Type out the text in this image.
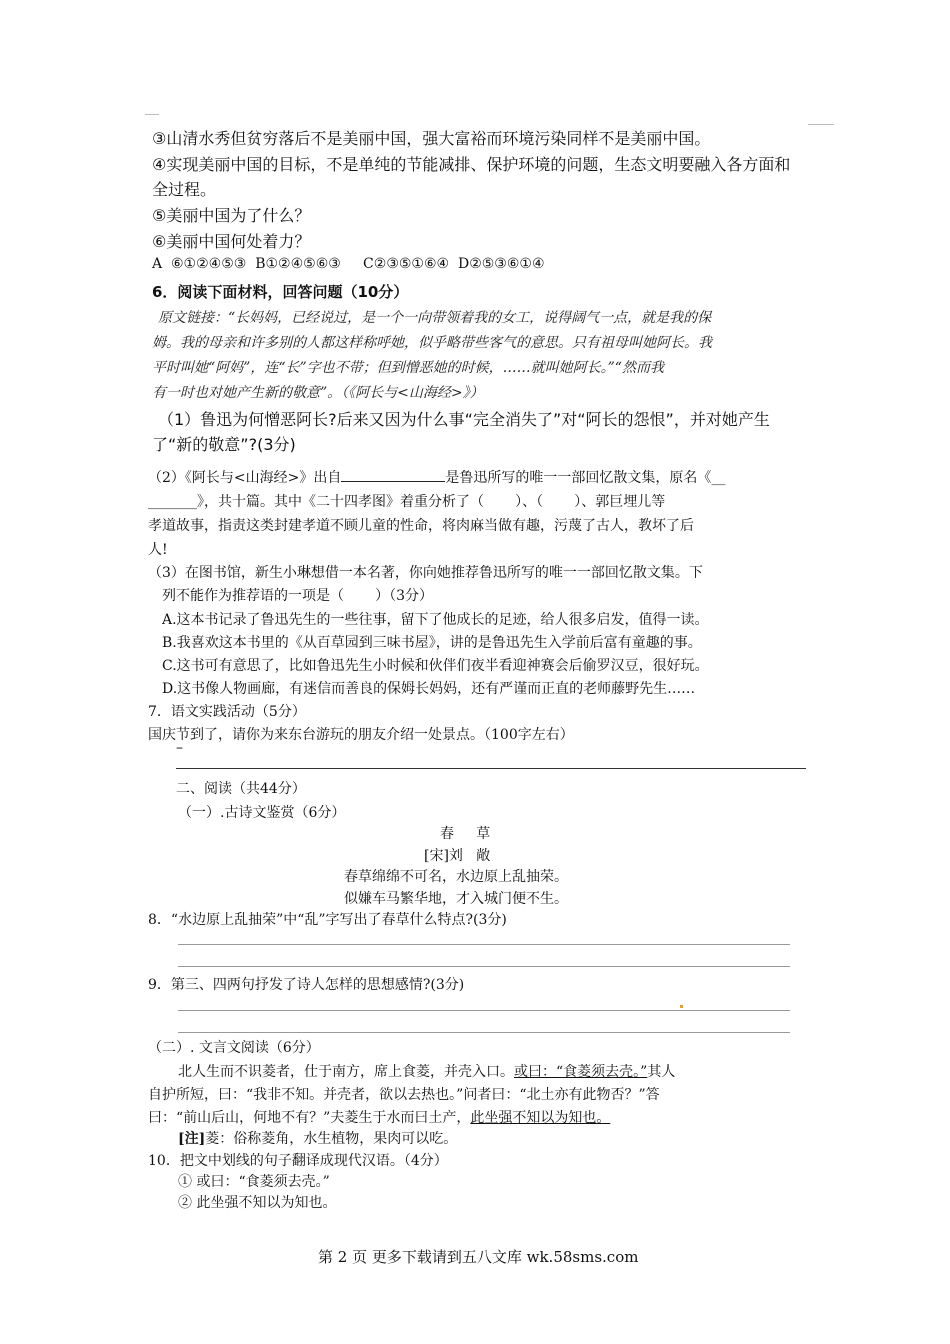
③山清水秀但贫穷落后不是美丽中国，强大富裕而环境污染同样不是美丽中国。
④实现美丽中国的目标，不是单纯的节能减排、保护环境的问题，生态文明要融入各方面和
全过程。
⑤美丽中国为了什么？
⑥美丽中国何处着力？
A  ⑥①②④⑤③  B①②④⑤⑥③     C②③⑤①⑥④  D②⑤③⑥①④
6．阅读下面材料，回答问题（10分）
原文链接：“长妈妈，已经说过，是一个一向带领着我的女工，说得阔气一点，就是我的保
姆。我的母亲和许多别的人都这样称呼她，似乎略带些客气的意思。只有祖母叫她阿长。我
平时叫她“阿妈”，连“长”字也不带；但到憎恶她的时候，……就叫她阿长。”“然而我
有一时也对她产生新的敬意”。（《阿长与<山海经>》）
（1）鲁迅为何憎恶阿长?后来又因为什么事“完全消失了”对“阿长的怨恨”，并对她产生
了“新的敬意”?(3分)
（2）《阿长与<山海经>》出自	是鲁迅所写的唯一一部回忆散文集，原名《__
_______》，共十篇。其中《二十四孝图》着重分析了（       ）、（       ）、郭巨埋儿等
孝道故事，指责这类封建孝道不顾儿童的性命，将肉麻当做有趣，污蔑了古人，教坏了后
人!
（3）在图书馆，新生小琳想借一本名著，你向她推荐鲁迅所写的唯一一部回忆散文集。下
列不能作为推荐语的一项是（       ）（3分）
A.这本书记录了鲁迅先生的一些往事，留下了他成长的足迹，给人很多启发，值得一读。
B.我喜欢这本书里的《从百草园到三味书屋》，讲的是鲁迅先生入学前后富有童趣的事。
C.这书可有意思了，比如鲁迅先生小时候和伙伴们夜半看迎神赛会后偷罗汉豆，很好玩。
D.这书像人物画廊，有迷信而善良的保姆长妈妈，还有严谨而正直的老师藤野先生……
7．语文实践活动（5分）
国庆节到了，请你为来东台游玩的朋友介绍一处景点。（100字左右）
–
二、阅读（共44分）
（一）.古诗文鉴赏（6分）
春     草
[宋]刘   敞
春草绵绵不可名，水边原上乱抽荣。
似嫌车马繁华地，才入城门便不生。
8．“水边原上乱抽荣”中“乱”字写出了春草什么特点?(3分)
9．第三、四两句抒发了诗人怎样的思想感情?(3分)
（二）. 文言文阅读（6分）
北人生而不识菱者，仕于南方，席上食菱，并壳入口。或曰：“食菱须去壳。”其人
自护所短，曰：“我非不知。并壳者，欲以去热也。”问者曰：“北土亦有此物否？”答
曰：“前山后山，何地不有？”夫菱生于水而曰土产，此坐强不知以为知也。
[注]菱：俗称菱角，水生植物，果肉可以吃。
10．把文中划线的句子翻译成现代汉语。（4分）
① 或曰：“食菱须去壳。”
② 此坐强不知以为知也。
第 2 页 更多下载请到五八文库 wk.58sms.com
